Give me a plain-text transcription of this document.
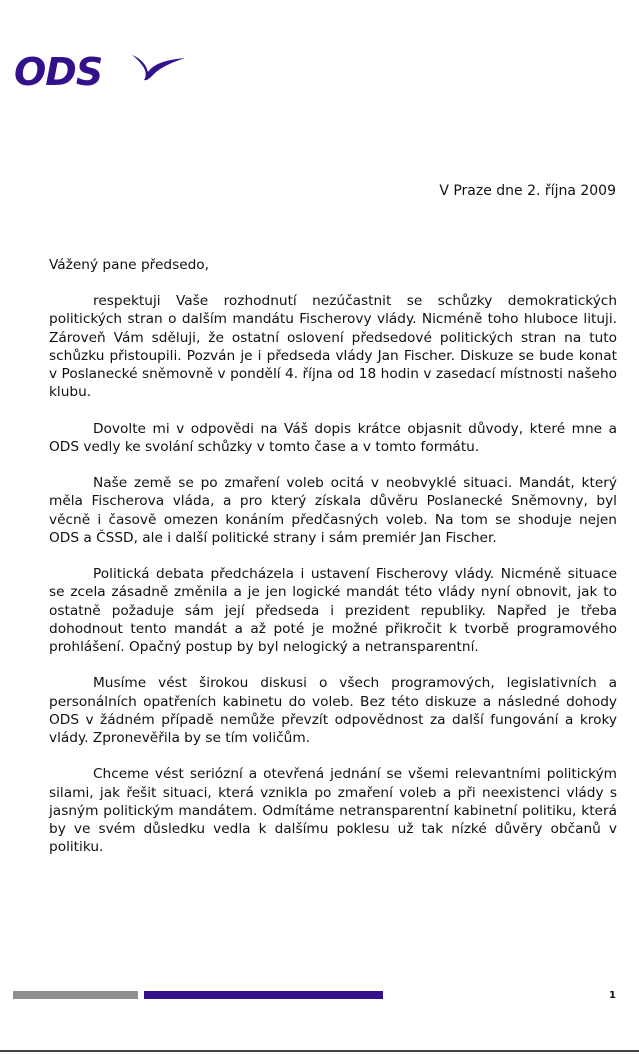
ODS
V Praze dne 2. října 2009

Vážený pane předsedo,

respektuji Vaše rozhodnutí nezúčastnit se schůzky demokratických politických stran o dalším mandátu Fischerovy vlády. Nicméně toho hluboce lituji. Zároveň Vám sděluji, že ostatní oslovení předsedové politických stran na tuto schůzku přistoupili. Pozván je i předseda vlády Jan Fischer. Diskuze se bude konat v Poslanecké sněmovně v pondělí 4. října od 18 hodin v zasedací místnosti našeho klubu.

Dovolte mi v odpovědi na Váš dopis krátce objasnit důvody, které mne a ODS vedly ke svolání schůzky v tomto čase a v tomto formátu.

Naše země se po zmaření voleb ocitá v neobvyklé situaci. Mandát, který měla Fischerova vláda, a pro který získala důvěru Poslanecké Sněmovny, byl věcně i časově omezen konáním předčasných voleb. Na tom se shoduje nejen ODS a ČSSD, ale i další politické strany i sám premiér Jan Fischer.

Politická debata předcházela i ustavení Fischerovy vlády. Nicméně situace se zcela zásadně změnila a je jen logické mandát této vlády nyní obnovit, jak to ostatně požaduje sám její předseda i prezident republiky. Napřed je třeba dohodnout tento mandát a až poté je možné přikročit k tvorbě programového prohlášení. Opačný postup by byl nelogický a netransparentní.

Musíme vést širokou diskusi o všech programových, legislativních a personálních opatřeních kabinetu do voleb. Bez této diskuze a následné dohody ODS v žádném případě nemůže převzít odpovědnost za další fungování a kroky vlády. Zpronevěřila by se tím voličům.

Chceme vést seriózní a otevřená jednání se všemi relevantními politickým silami, jak řešit situaci, která vznikla po zmaření voleb a při neexistenci vlády s jasným politickým mandátem. Odmítáme netransparentní kabinetní politiku, která by ve svém důsledku vedla k dalšímu poklesu už tak nízké důvěry občanů v politiku.

1
